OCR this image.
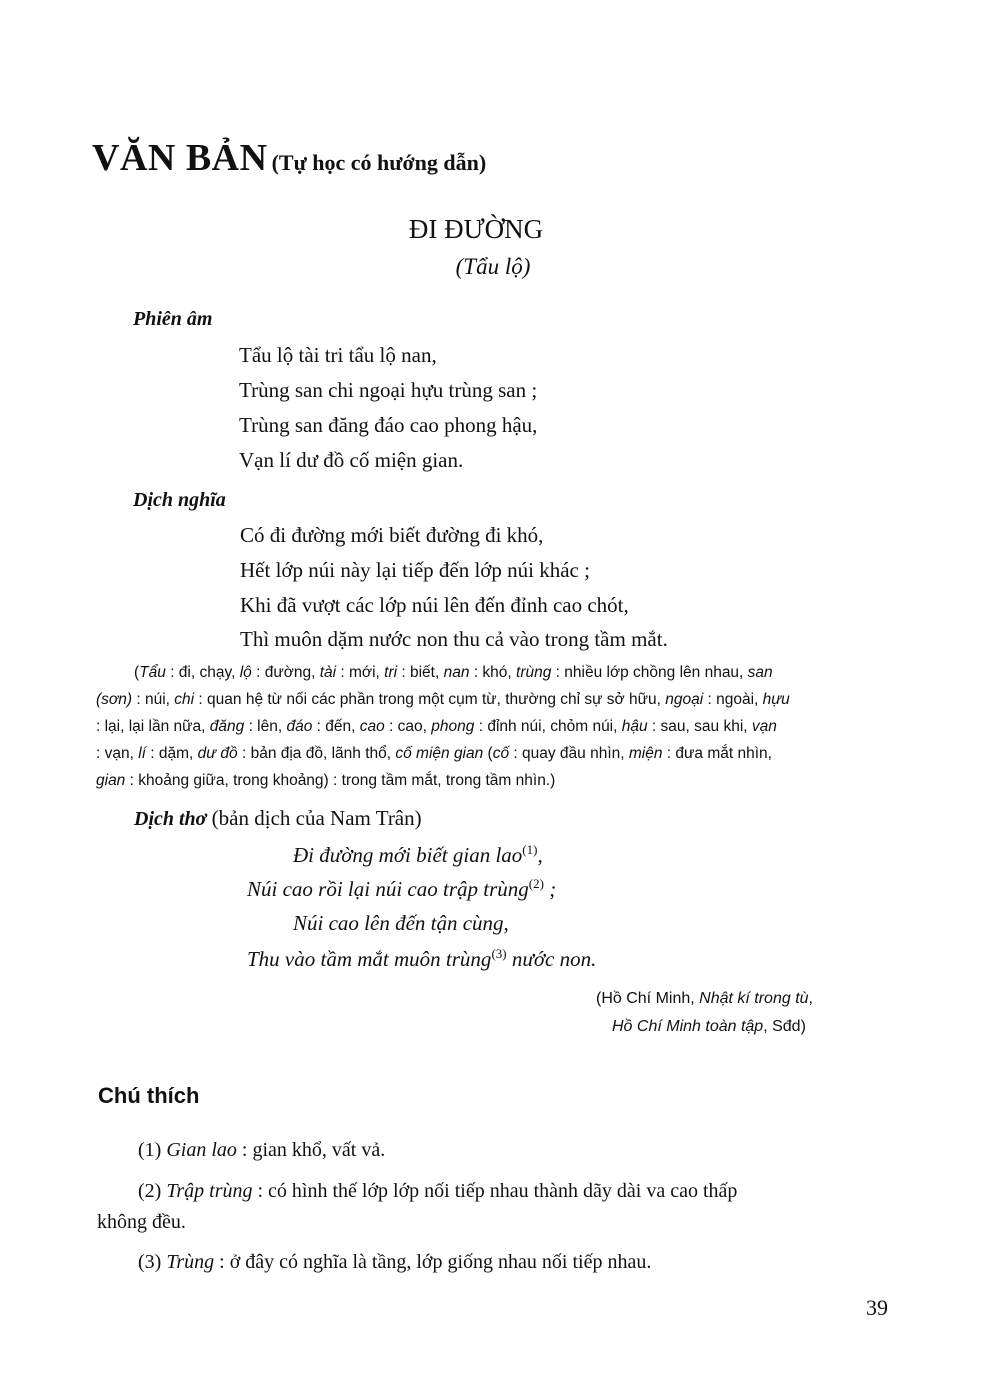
VĂN BẢN (Tự học có hướng dẫn)
ĐI ĐƯỜNG
(Tẩu lộ)
Phiên âm
Tẩu lộ tài tri tẩu lộ nan,
Trùng san chi ngoại hựu trùng san ;
Trùng san đăng đáo cao phong hậu,
Vạn lí dư đồ cố miện gian.
Dịch nghĩa
Có đi đường mới biết đường đi khó,
Hết lớp núi này lại tiếp đến lớp núi khác ;
Khi đã vượt các lớp núi lên đến đỉnh cao chót,
Thì muôn dặm nước non thu cả vào trong tầm mắt.
(Tẩu : đi, chạy, lộ : đường, tài : mới, tri : biết, nan : khó, trùng : nhiều lớp chồng lên nhau, san
(sơn) : núi, chi : quan hệ từ nối các phần trong một cụm từ, thường chỉ sự sở hữu, ngoại : ngoài, hựu
: lại, lại lần nữa, đăng : lên, đáo : đến, cao : cao, phong : đỉnh núi, chỏm núi, hậu : sau, sau khi, vạn
: vạn, lí : dặm, dư đồ : bản địa đồ, lãnh thổ, cố miện gian (cố : quay đầu nhìn, miện : đưa mắt nhìn,
gian : khoảng giữa, trong khoảng) : trong tầm mắt, trong tầm nhìn.)
Dịch thơ (bản dịch của Nam Trân)
Đi đường mới biết gian lao$^{(1)}$,
Núi cao rồi lại núi cao trập trùng$^{(2)}$ ;
Núi cao lên đến tận cùng,
Thu vào tầm mắt muôn trùng$^{(3)}$ nước non.
(Hồ Chí Minh, Nhật kí trong tù,
Hồ Chí Minh toàn tập, Sđd)
Chú thích
(1) Gian lao : gian khổ, vất vả.
(2) Trập trùng : có hình thế lớp lớp nối tiếp nhau thành dãy dài va cao thấp
không đều.
(3) Trùng : ở đây có nghĩa là tầng, lớp giống nhau nối tiếp nhau.
39
